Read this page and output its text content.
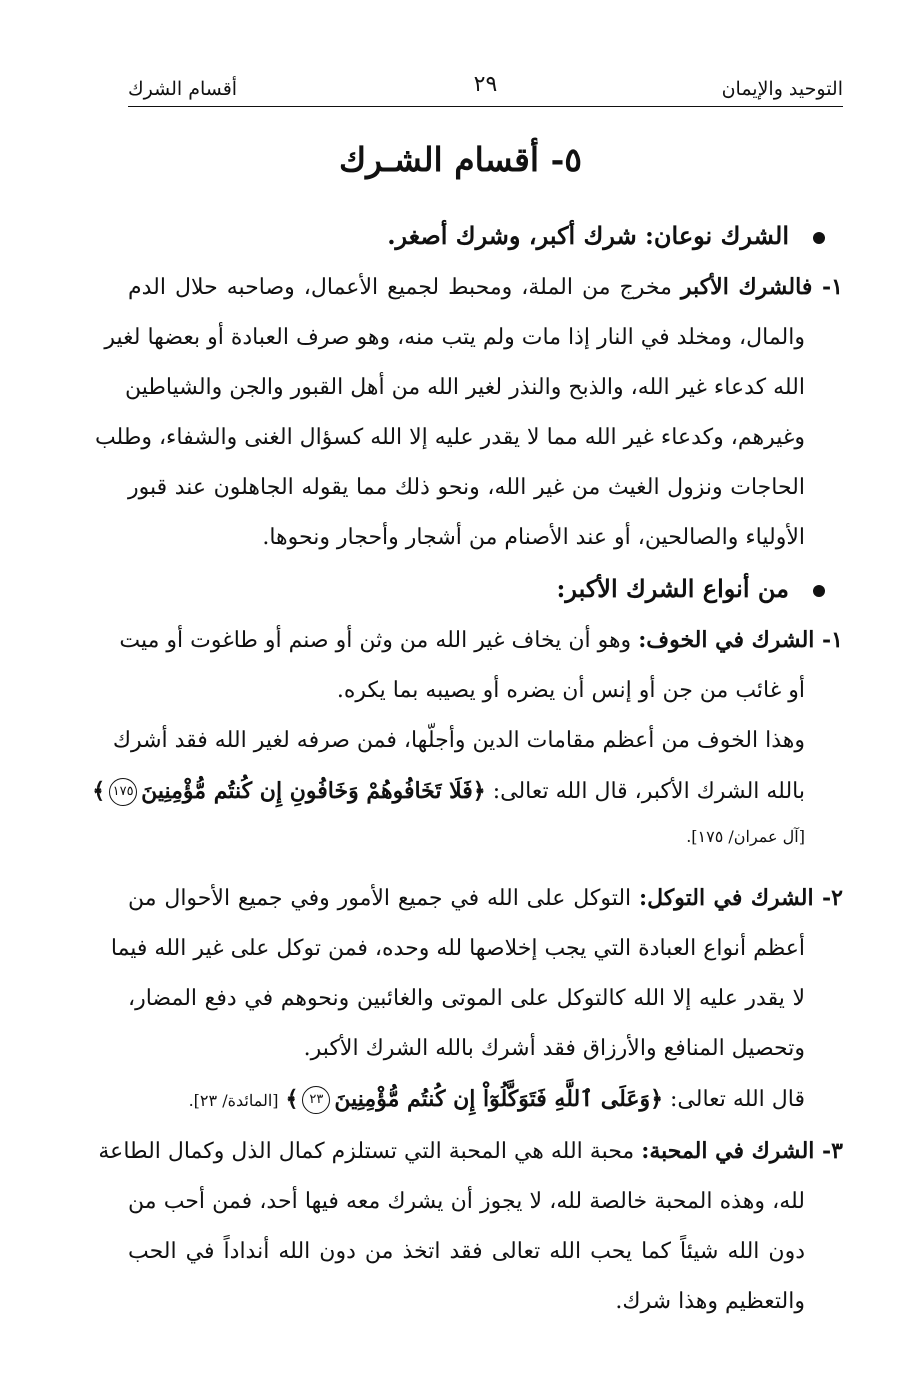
التوحيد والإيمان
٢٩
أقسام الشرك
٥- أقسام الشـرك
الشرك نوعان: شرك أكبر، وشرك أصغر.
١- فالشرك الأكبر مخرج من الملة، ومحبط لجميع الأعمال، وصاحبه حلال الدم
والمال، ومخلد في النار إذا مات ولم يتب منه، وهو صرف العبادة أو بعضها لغير
الله كدعاء غير الله، والذبح والنذر لغير الله من أهل القبور والجن والشياطين
وغيرهم، وكدعاء غير الله مما لا يقدر عليه إلا الله كسؤال الغنى والشفاء، وطلب
الحاجات ونزول الغيث من غير الله، ونحو ذلك مما يقوله الجاهلون عند قبور
الأولياء والصالحين، أو عند الأصنام من أشجار وأحجار ونحوها.
من أنواع الشرك الأكبر:
١- الشرك في الخوف: وهو أن يخاف غير الله من وثن أو صنم أو طاغوت أو ميت
أو غائب من جن أو إنس أن يضره أو يصيبه بما يكره.
وهذا الخوف من أعظم مقامات الدين وأجلّها، فمن صرفه لغير الله فقد أشرك
بالله الشرك الأكبر، قال الله تعالى: ﴿فَلَا تَخَافُوهُمْ وَخَافُونِ إِن كُنتُم مُّؤْمِنِينَ١٧٥﴾
[آل عمران/ ١٧٥].
٢- الشرك في التوكل: التوكل على الله في جميع الأمور وفي جميع الأحوال من
أعظم أنواع العبادة التي يجب إخلاصها لله وحده، فمن توكل على غير الله فيما
لا يقدر عليه إلا الله كالتوكل على الموتى والغائبين ونحوهم في دفع المضار،
وتحصيل المنافع والأرزاق فقد أشرك بالله الشرك الأكبر.
قال الله تعالى: ﴿وَعَلَى ٱللَّهِ فَتَوَكَّلُوٓاْ إِن كُنتُم مُّؤْمِنِينَ٢٣﴾ [المائدة/ ٢٣].
٣- الشرك في المحبة: محبة الله هي المحبة التي تستلزم كمال الذل وكمال الطاعة
لله، وهذه المحبة خالصة لله، لا يجوز أن يشرك معه فيها أحد، فمن أحب من
دون الله شيئاً كما يحب الله تعالى فقد اتخذ من دون الله أنداداً في الحب
والتعظيم وهذا شرك.
